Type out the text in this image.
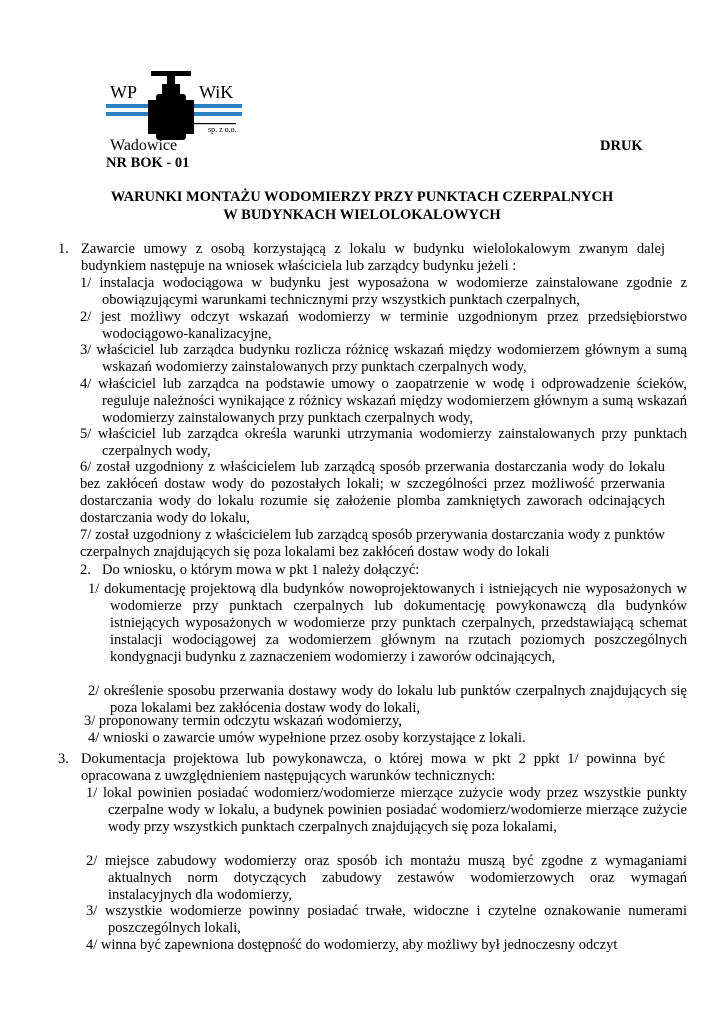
WP	WiK
sp. z o.o.
Wadowice	DRUK
NR BOK - 01
WARUNKI MONTAŻU WODOMIERZY PRZY PUNKTACH CZERPALNYCH
W BUDYNKACH WIELOLOKALOWYCH
1. Zawarcie umowy z osobą korzystającą z lokalu w budynku wielolokalowym zwanym dalej budynkiem następuje na wniosek właściciela lub zarządcy budynku jeżeli :
1/ instalacja wodociągowa w budynku jest wyposażona w wodomierze zainstalowane zgodnie z obowiązującymi warunkami technicznymi przy wszystkich punktach czerpalnych,
2/ jest możliwy odczyt wskazań wodomierzy w terminie uzgodnionym przez przedsiębiorstwo wodociągowo-kanalizacyjne,
3/ właściciel lub zarządca budynku rozlicza różnicę wskazań między wodomierzem głównym a sumą wskazań wodomierzy zainstalowanych przy punktach czerpalnych wody,
4/ właściciel lub zarządca na podstawie umowy o zaopatrzenie w wodę i odprowadzenie ścieków, reguluje należności wynikające z różnicy wskazań między wodomierzem głównym a sumą wskazań wodomierzy zainstalowanych przy punktach czerpalnych wody,
5/ właściciel lub zarządca określa warunki utrzymania wodomierzy zainstalowanych przy punktach czerpalnych wody,
6/ został uzgodniony z właścicielem lub zarządcą sposób przerwania dostarczania wody do lokalu bez zakłóceń dostaw wody do pozostałych lokali; w szczególności przez możliwość przerwania dostarczania wody do lokalu rozumie się założenie plomba zamkniętych zaworach odcinających dostarczania wody do lokalu,
7/ został uzgodniony z właścicielem lub zarządcą sposób przerywania dostarczania wody z punktów czerpalnych znajdujących się poza lokalami bez zakłóceń dostaw wody do lokali
2. Do wniosku, o którym mowa w pkt 1 należy dołączyć:
1/ dokumentację projektową dla budynków nowoprojektowanych i istniejących nie wyposażonych w wodomierze przy punktach czerpalnych lub dokumentację powykonawczą dla budynków istniejących wyposażonych w wodomierze przy punktach czerpalnych, przedstawiającą schemat instalacji wodociągowej za wodomierzem głównym na rzutach poziomych poszczególnych kondygnacji budynku z zaznaczeniem wodomierzy i zaworów odcinających,
2/ określenie sposobu przerwania dostawy wody do lokalu lub punktów czerpalnych znajdujących się poza lokalami bez zakłócenia dostaw wody do lokali,
3/ proponowany termin odczytu wskazań wodomierzy,
4/ wnioski o zawarcie umów wypełnione przez osoby korzystające z lokali.
3. Dokumentacja projektowa lub powykonawcza, o której mowa w pkt 2 ppkt 1/ powinna być opracowana z uwzględnieniem następujących warunków technicznych:
1/ lokal powinien posiadać wodomierz/wodomierze mierzące zużycie wody przez wszystkie punkty czerpalne wody w lokalu, a budynek powinien posiadać wodomierz/wodomierze mierzące zużycie wody przy wszystkich punktach czerpalnych znajdujących się poza lokalami,
2/ miejsce zabudowy wodomierzy oraz sposób ich montażu muszą być zgodne z wymaganiami aktualnych norm dotyczących zabudowy zestawów wodomierzowych oraz wymagań instalacyjnych dla wodomierzy,
3/ wszystkie wodomierze powinny posiadać trwałe, widoczne i czytelne oznakowanie numerami poszczególnych lokali,
4/ winna być zapewniona dostępność do wodomierzy, aby możliwy był jednoczesny odczyt
